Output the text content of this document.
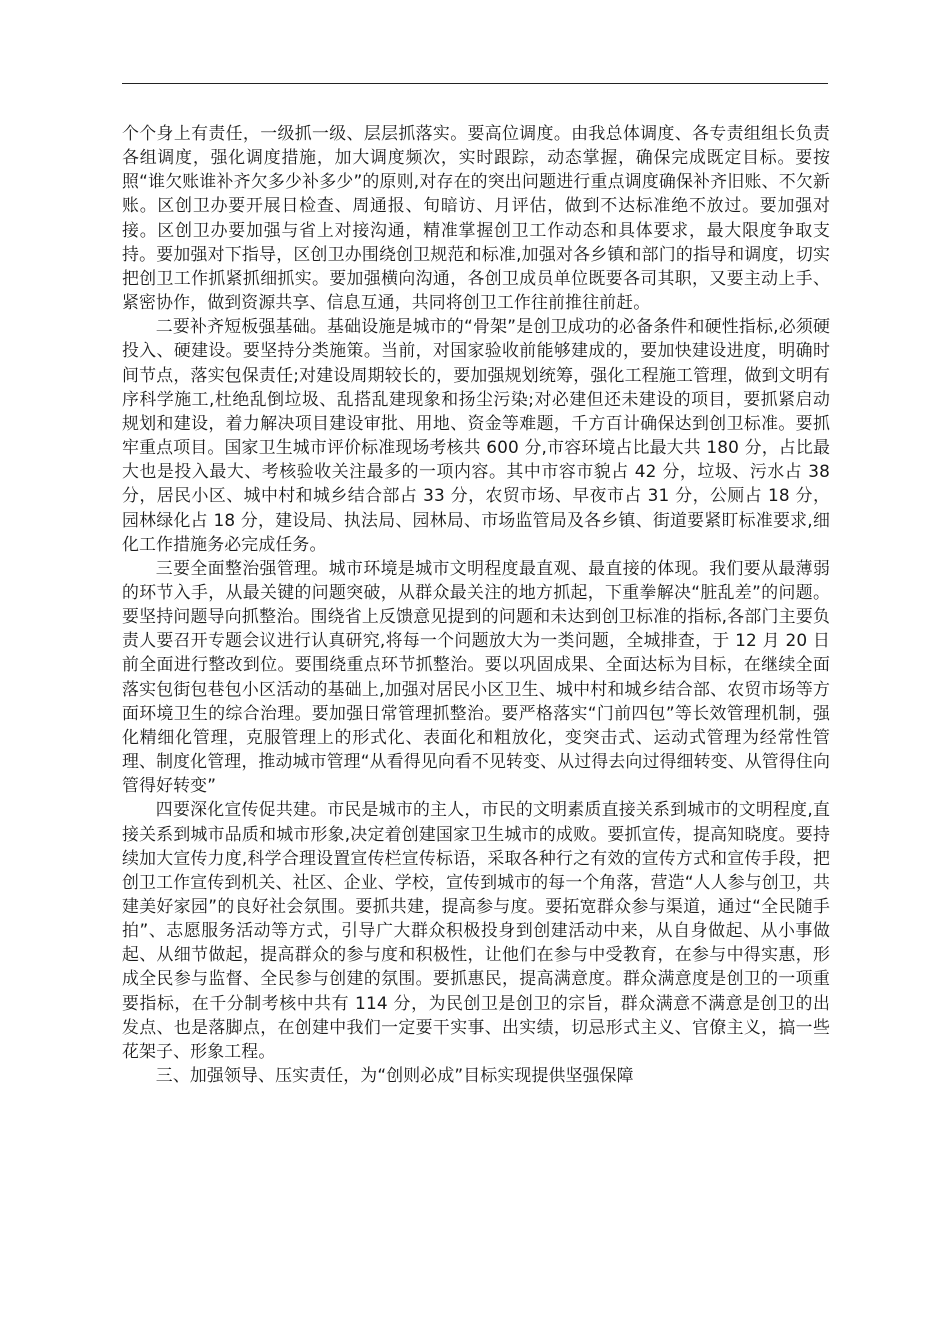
个个身上有责任，一级抓一级、层层抓落实。要高位调度。由我总体调度、各专责组组长负责各组调度，强化调度措施，加大调度频次，实时跟踪，动态掌握，确保完成既定目标。要按照“谁欠账谁补齐欠多少补多少”的原则,对存在的突出问题进行重点调度确保补齐旧账、不欠新账。区创卫办要开展日检查、周通报、旬暗访、月评估，做到不达标准绝不放过。要加强对接。区创卫办要加强与省上对接沟通，精准掌握创卫工作动态和具体要求，最大限度争取支持。要加强对下指导，区创卫办围绕创卫规范和标准,加强对各乡镇和部门的指导和调度，切实把创卫工作抓紧抓细抓实。要加强横向沟通，各创卫成员单位既要各司其职，又要主动上手、紧密协作，做到资源共享、信息互通，共同将创卫工作往前推往前赶。

二要补齐短板强基础。基础设施是城市的“骨架”是创卫成功的必备条件和硬性指标,必须硬投入、硬建设。要坚持分类施策。当前，对国家验收前能够建成的，要加快建设进度，明确时间节点，落实包保责任;对建设周期较长的，要加强规划统筹，强化工程施工管理，做到文明有序科学施工,杜绝乱倒垃圾、乱搭乱建现象和扬尘污染;对必建但还未建设的项目，要抓紧启动规划和建设，着力解决项目建设审批、用地、资金等难题，千方百计确保达到创卫标准。要抓牢重点项目。国家卫生城市评价标准现场考核共 600 分,市容环境占比最大共 180 分，占比最大也是投入最大、考核验收关注最多的一项内容。其中市容市貌占 42 分，垃圾、污水占 38 分，居民小区、城中村和城乡结合部占 33 分，农贸市场、早夜市占 31 分，公厕占 18 分，园林绿化占 18 分，建设局、执法局、园林局、市场监管局及各乡镇、街道要紧盯标准要求,细化工作措施务必完成任务。

三要全面整治强管理。城市环境是城市文明程度最直观、最直接的体现。我们要从最薄弱的环节入手，从最关键的问题突破，从群众最关注的地方抓起，下重拳解决“脏乱差”的问题。要坚持问题导向抓整治。围绕省上反馈意见提到的问题和未达到创卫标准的指标,各部门主要负责人要召开专题会议进行认真研究,将每一个问题放大为一类问题，全城排查，于 12 月 20 日前全面进行整改到位。要围绕重点环节抓整治。要以巩固成果、全面达标为目标，在继续全面落实包街包巷包小区活动的基础上,加强对居民小区卫生、城中村和城乡结合部、农贸市场等方面环境卫生的综合治理。要加强日常管理抓整治。要严格落实“门前四包”等长效管理机制，强化精细化管理，克服管理上的形式化、表面化和粗放化，变突击式、运动式管理为经常性管理、制度化管理，推动城市管理“从看得见向看不见转变、从过得去向过得细转变、从管得住向管得好转变”

四要深化宣传促共建。市民是城市的主人，市民的文明素质直接关系到城市的文明程度,直接关系到城市品质和城市形象,决定着创建国家卫生城市的成败。要抓宣传，提高知晓度。要持续加大宣传力度,科学合理设置宣传栏宣传标语，采取各种行之有效的宣传方式和宣传手段，把创卫工作宣传到机关、社区、企业、学校，宣传到城市的每一个角落，营造“人人参与创卫，共建美好家园”的良好社会氛围。要抓共建，提高参与度。要拓宽群众参与渠道，通过“全民随手拍”、志愿服务活动等方式，引导广大群众积极投身到创建活动中来，从自身做起、从小事做起、从细节做起，提高群众的参与度和积极性，让他们在参与中受教育，在参与中得实惠，形成全民参与监督、全民参与创建的氛围。要抓惠民，提高满意度。群众满意度是创卫的一项重要指标，在千分制考核中共有 114 分，为民创卫是创卫的宗旨，群众满意不满意是创卫的出发点、也是落脚点，在创建中我们一定要干实事、出实绩，切忌形式主义、官僚主义，搞一些花架子、形象工程。

三、加强领导、压实责任，为“创则必成”目标实现提供坚强保障
